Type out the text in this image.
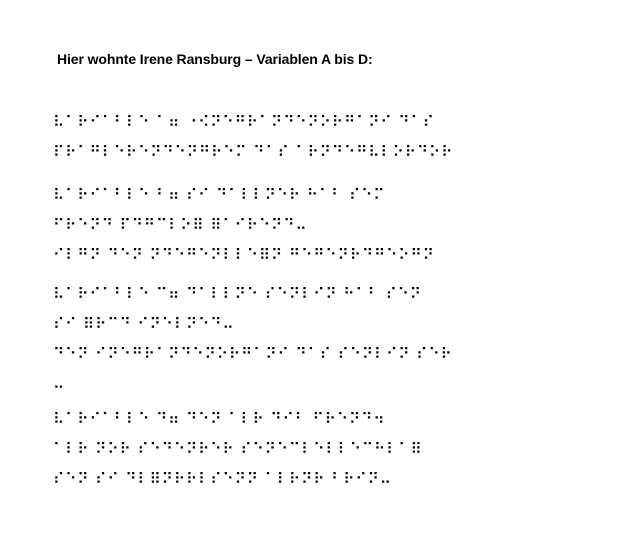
Hier wohnte Irene Ransburg – Variablen A bis D:
⠧⠁⠗⠊⠁⠃⠇⠑ ⠁⠶ ⠐⠪⠝⠑⠛⠗⠁⠝⠙⠑⠝⠕⠗⠛⠁⠝⠊ ⠙⠁⠎
⠏⠗⠁⠛⠇⠑⠗⠑⠝⠙⠑⠝⠛⠗⠑⠍ ⠙⠁⠎ ⠁⠗⠝⠙⠑⠛⠧⠇⠕⠗⠙⠕⠗
⠧⠁⠗⠊⠁⠃⠇⠑ ⠃⠶ ⠎⠊ ⠙⠁⠇⠇⠝⠑⠗ ⠓⠁⠃ ⠎⠑⠍
⠋⠗⠑⠝⠙ ⠏⠙⠛⠉⠇⠕⠿ ⠿⠁⠊⠗⠑⠝⠙⠤
⠊⠇⠛⠝ ⠙⠑⠝ ⠝⠙⠑⠛⠑⠝⠇⠇⠑⠿⠝ ⠛⠑⠛⠑⠝⠗⠙⠛⠑⠕⠛⠝
⠧⠁⠗⠊⠁⠃⠇⠑ ⠉⠶ ⠙⠁⠇⠇⠝⠑ ⠎⠑⠝⠇⠊⠝ ⠓⠁⠃ ⠎⠑⠝
⠎⠊ ⠿⠗⠉⠙ ⠊⠝⠑⠇⠝⠑⠙⠤
⠙⠑⠝ ⠊⠝⠑⠛⠗⠁⠝⠙⠑⠝⠕⠗⠛⠁⠝⠊ ⠙⠁⠎ ⠎⠑⠝⠇⠊⠝ ⠎⠑⠗
⠤
⠧⠁⠗⠊⠁⠃⠇⠑ ⠙⠶ ⠙⠑⠝ ⠁⠇⠗ ⠙⠊⠃ ⠋⠗⠑⠝⠙⠲
⠁⠇⠗ ⠝⠕⠗ ⠎⠑⠙⠑⠝⠗⠑⠗ ⠎⠑⠝⠑⠉⠇⠑⠇⠇⠑⠉⠓⠇⠁⠿
⠎⠑⠝ ⠎⠊ ⠙⠇⠿⠝⠗⠗⠇⠎⠑⠝⠝ ⠁⠇⠗⠝⠗ ⠃⠗⠊⠝⠤
